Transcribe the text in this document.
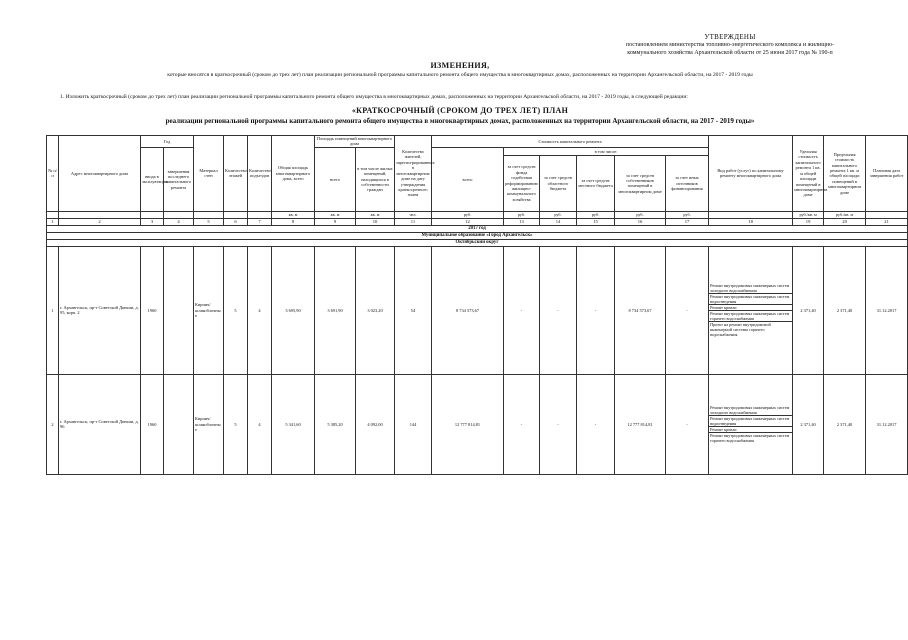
УТВЕРЖДЕНЫ
постановлением министерства топливно-энергетического комплекса и жилищно-
коммунального хозяйства Архангельской области от 25 июня 2017 года № 190-п
ИЗМЕНЕНИЯ,
которые вносятся в краткосрочный (сроком до трех лет) план реализации региональной программы капитального ремонта общего имущества в многоквартирных домах, расположенных на территории Архангельской области, на 2017 - 2019 годы
1. Изложить краткосрочный (сроком до трех лет) план реализации региональной программы капитального ремонта общего имущества в многоквартирных домах, расположенных на территории Архангельской области, на 2017 - 2019 годы, в следующей редакции:
«КРАТКОСРОЧНЫЙ (СРОКОМ ДО ТРЕХ ЛЕТ) ПЛАН
реализации региональной программы капитального ремонта общего имущества в многоквартирных домах, расположенных на территории Архангельской области, на 2017 - 2019 годы»
№ п/п	Адрес многоквартирного дома	Год		Материал стен	Количество этажей	Количество подъездов	Общая площадь многоквартирного дома, всего	Площадь помещений многоквартирного дома		Количество жителей, зарегистрированных в многоквартирном доме на дату утверждения краткосрочного плана	Стоимость капитального ремонта						Вид работ (услуг) по капитальному ремонту многоквартирного дома	Удельная стоимость капитального ремонта 1 кв. м общей площади помещений в многоквартирном доме	Предельная стоимость капитального ремонта 1 кв. м общей площади помещений в многоквартирном доме	Плановая дата завершения работ
		ввода в эксплуатацию	завершения последнего капитального ремонта					всего	в том числе жилых помещений, находящихся в собственности граждан		всего	в том числе:								
												за счет средств фонда содействия реформированию жилищно-коммунального хозяйства	за счет средств областного бюджета	за счет средств местного бюджета	за счет средств собственников помещений в многоквартирном доме	за счет иных источников финансирования				

							кв. м	кв. м	кв. м	чел.	руб.	руб.	руб.	руб.	руб.	руб.		руб./кв. м	руб./кв. м	
1	2	3	4	5	6	7	8	9	10	11	12	13	14	15	16	17	18	19	20	21
2017 год																				
Муниципальное образование «Город Архангельск»																				
Октябрьский округ																				
1	г. Архангельск, пр-т Советской Диекии, д. 95, корп. 2	1960		Кирпич/ шлакоблочны е	5	4	3 695,90	3 691,90	3 023,20	54	8 734 573,67	-	-	-	8 734 573,67	-	Ремонт внутридомовых инженерных систем холодного водоснабжения
Ремонт внутридомовых инженерных систем водоотведения
Ремонт кровли
Ремонт внутридомовых инженерных систем горячего водоснабжения
Проект на ремонт внутридомовой инженерной системы горячего водоснабжения	2 371,40	2 371,40	31.12.2017
2	г. Архангельск, пр-т Советской Диекии, д. 96	1960		Кирпич/ шлакоблочны е	5	4	5 341,60	5 385,20	4 092,00	144	12 777 814,81	-	-	-	12 777 814,81	-	Ремонт внутридомовых инженерных систем холодного водоснабжения
Ремонт внутридомовых инженерных систем водоотведения
Ремонт кровли
Ремонт внутридомовых инженерных систем горячего водоснабжения	2 371,40	2 371,40	31.12.2017
